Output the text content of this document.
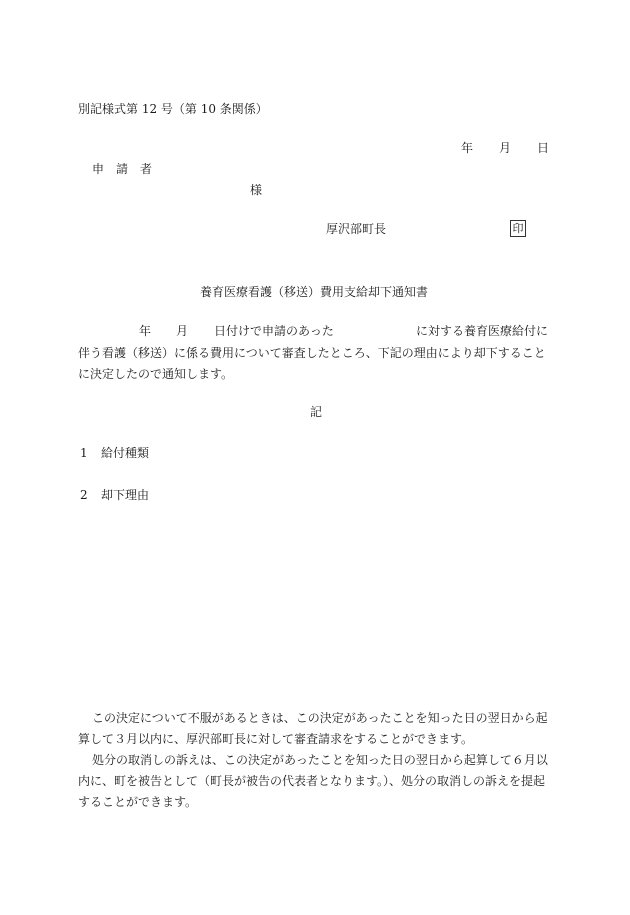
別記様式第 12 号（第 10 条関係）
年 月 日
申　請　者
様
厚沢部町長	印
養育医療看護（移送）費用支給却下通知書
年 月 日付けで申請のあった	に対する養育医療給付に
伴う看護（移送）に係る費用について審査したところ、下記の理由により却下すること
に決定したので通知します。
記
1 給付種類
2 却下理由
この決定について不服があるときは、この決定があったことを知った日の翌日から起
算して３月以内に、厚沢部町長に対して審査請求をすることができます。
処分の取消しの訴えは、この決定があったことを知った日の翌日から起算して６月以
内に、町を被告として（町長が被告の代表者となります。）、処分の取消しの訴えを提起
することができます。
